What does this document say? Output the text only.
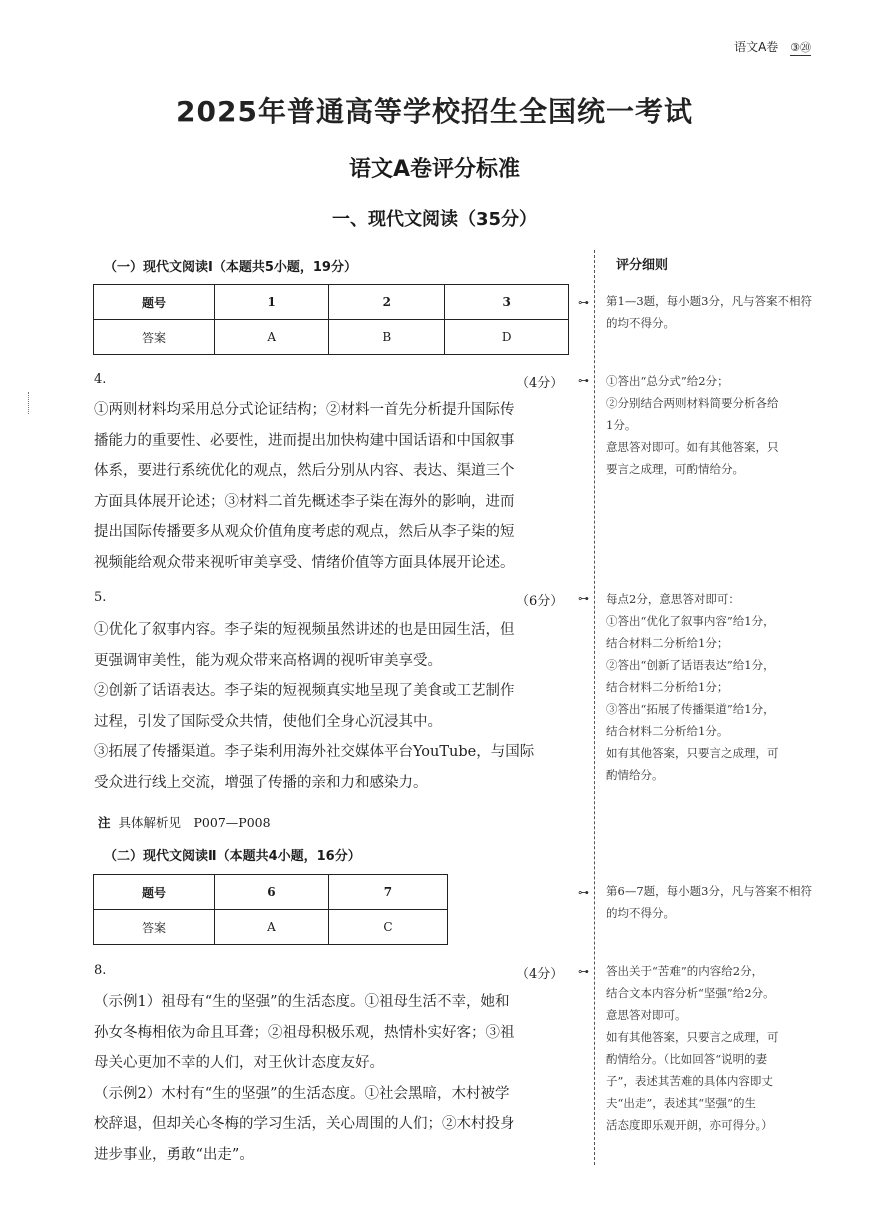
语文A卷 ③⑳
2025年普通高等学校招生全国统一考试
语文A卷评分标准
一、现代文阅读（35分）
评分细则
（一）现代文阅读Ⅰ（本题共5小题，19分）
题号	1	2	3
答案	A	B	D
⊶ 第1—3题，每小题3分，凡与答案不相符的均不得分。
4.	（4分） ⊶
①两则材料均采用总分式论证结构；②材料一首先分析提升国际传
播能力的重要性、必要性，进而提出加快构建中国话语和中国叙事
体系，要进行系统优化的观点，然后分别从内容、表达、渠道三个
方面具体展开论述；③材料二首先概述李子柒在海外的影响，进而
提出国际传播要多从观众价值角度考虑的观点，然后从李子柒的短
视频能给观众带来视听审美享受、情绪价值等方面具体展开论述。
①答出“总分式”给2分；
②分别结合两则材料简要分析各给
1分。
意思答对即可。如有其他答案，只
要言之成理，可酌情给分。
5.	（6分） ⊶
①优化了叙事内容。李子柒的短视频虽然讲述的也是田园生活，但
更强调审美性，能为观众带来高格调的视听审美享受。
②创新了话语表达。李子柒的短视频真实地呈现了美食或工艺制作
过程，引发了国际受众共情，使他们全身心沉浸其中。
③拓展了传播渠道。李子柒利用海外社交媒体平台YouTube，与国际
受众进行线上交流，增强了传播的亲和力和感染力。
每点2分，意思答对即可：
①答出“优化了叙事内容”给1分，
结合材料二分析给1分；
②答出“创新了话语表达”给1分，
结合材料二分析给1分；
③答出“拓展了传播渠道”给1分，
结合材料二分析给1分。
如有其他答案，只要言之成理，可
酌情给分。
注 具体解析见　P007—P008
（二）现代文阅读Ⅱ（本题共4小题，16分）
题号	6	7
答案	A	C
⊶ 第6—7题，每小题3分，凡与答案不相符的均不得分。
8.	（4分） ⊶
（示例1）祖母有“生的坚强”的生活态度。①祖母生活不幸，她和
孙女冬梅相依为命且耳聋；②祖母积极乐观，热情朴实好客；③祖
母关心更加不幸的人们，对王伙计态度友好。
（示例2）木村有“生的坚强”的生活态度。①社会黑暗，木村被学
校辞退，但却关心冬梅的学习生活，关心周围的人们；②木村投身
进步事业，勇敢“出走”。
答出关于“苦难”的内容给2分，
结合文本内容分析“坚强”给2分。
意思答对即可。
如有其他答案，只要言之成理，可
酌情给分。（比如回答“说明的妻
子”，表述其苦难的具体内容即丈
夫“出走”，表述其“坚强”的生
活态度即乐观开朗，亦可得分。）
